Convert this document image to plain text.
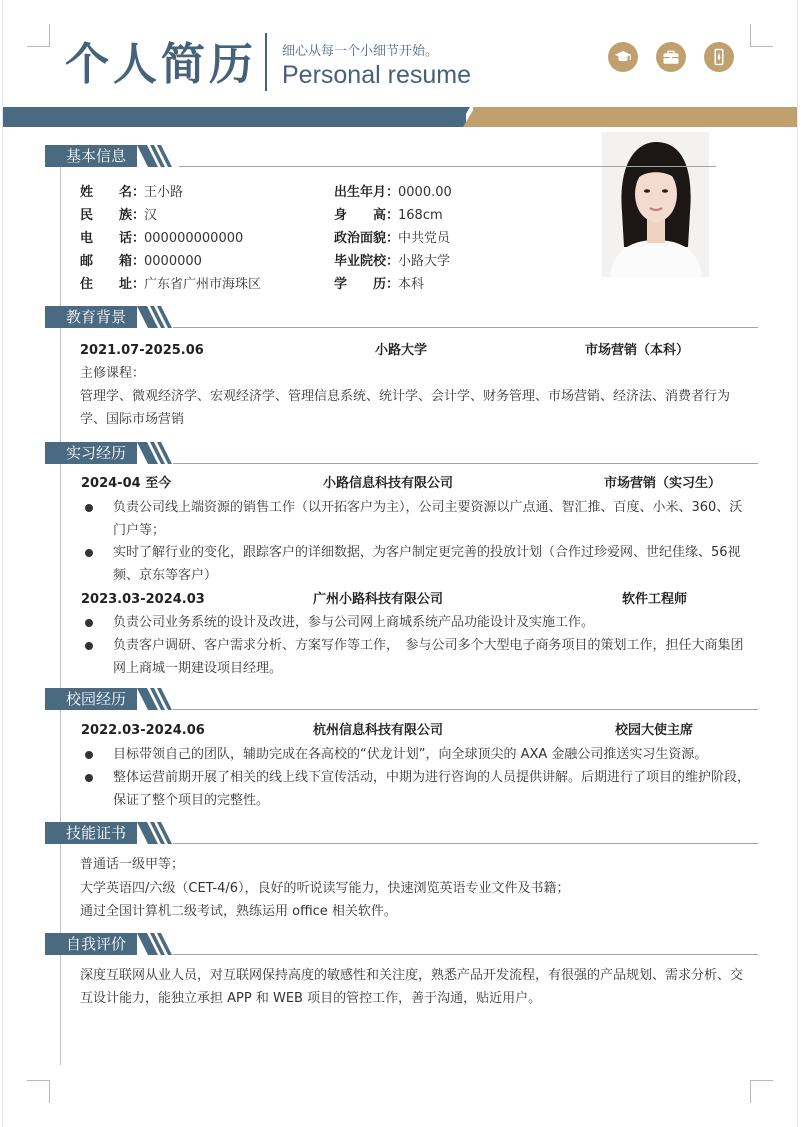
个人简历 细心从每一个小细节开始。
Personal resume
基本信息
姓　　名：王小路
民　　族：汉
电　　话：000000000000
邮　　箱：0000000
住　　址：广东省广州市海珠区
出生年月：0000.00
身　　高：168cm
政治面貌：中共党员
毕业院校：小路大学
学　　历：本科
教育背景
2021.07-2025.06	小路大学	市场营销（本科）
主修课程：
管理学、微观经济学、宏观经济学、管理信息系统、统计学、会计学、财务管理、市场营销、经济法、消费者行为学、国际市场营销
实习经历
2024-04 至今	小路信息科技有限公司	市场营销（实习生）
负责公司线上端资源的销售工作（以开拓客户为主），公司主要资源以广点通、智汇推、百度、小米、360、沃门户等；
实时了解行业的变化，跟踪客户的详细数据，为客户制定更完善的投放计划（合作过珍爱网、世纪佳缘、56视频、京东等客户）
2023.03-2024.03	广州小路科技有限公司	软件工程师
负责公司业务系统的设计及改进，参与公司网上商城系统产品功能设计及实施工作。
负责客户调研、客户需求分析、方案写作等工作，　参与公司多个大型电子商务项目的策划工作，担任大商集团网上商城一期建设项目经理。
校园经历
2022.03-2024.06	杭州信息科技有限公司	校园大使主席
目标带领自己的团队，辅助完成在各高校的“伏龙计划”，向全球顶尖的 AXA 金融公司推送实习生资源。
整体运营前期开展了相关的线上线下宣传活动，中期为进行咨询的人员提供讲解。后期进行了项目的维护阶段，保证了整个项目的完整性。
技能证书
普通话一级甲等；
大学英语四/六级（CET-4/6），良好的听说读写能力，快速浏览英语专业文件及书籍；
通过全国计算机二级考试，熟练运用 office 相关软件。
自我评价
深度互联网从业人员，对互联网保持高度的敏感性和关注度，熟悉产品开发流程，有很强的产品规划、需求分析、交互设计能力，能独立承担 APP 和 WEB 项目的管控工作，善于沟通，贴近用户。
